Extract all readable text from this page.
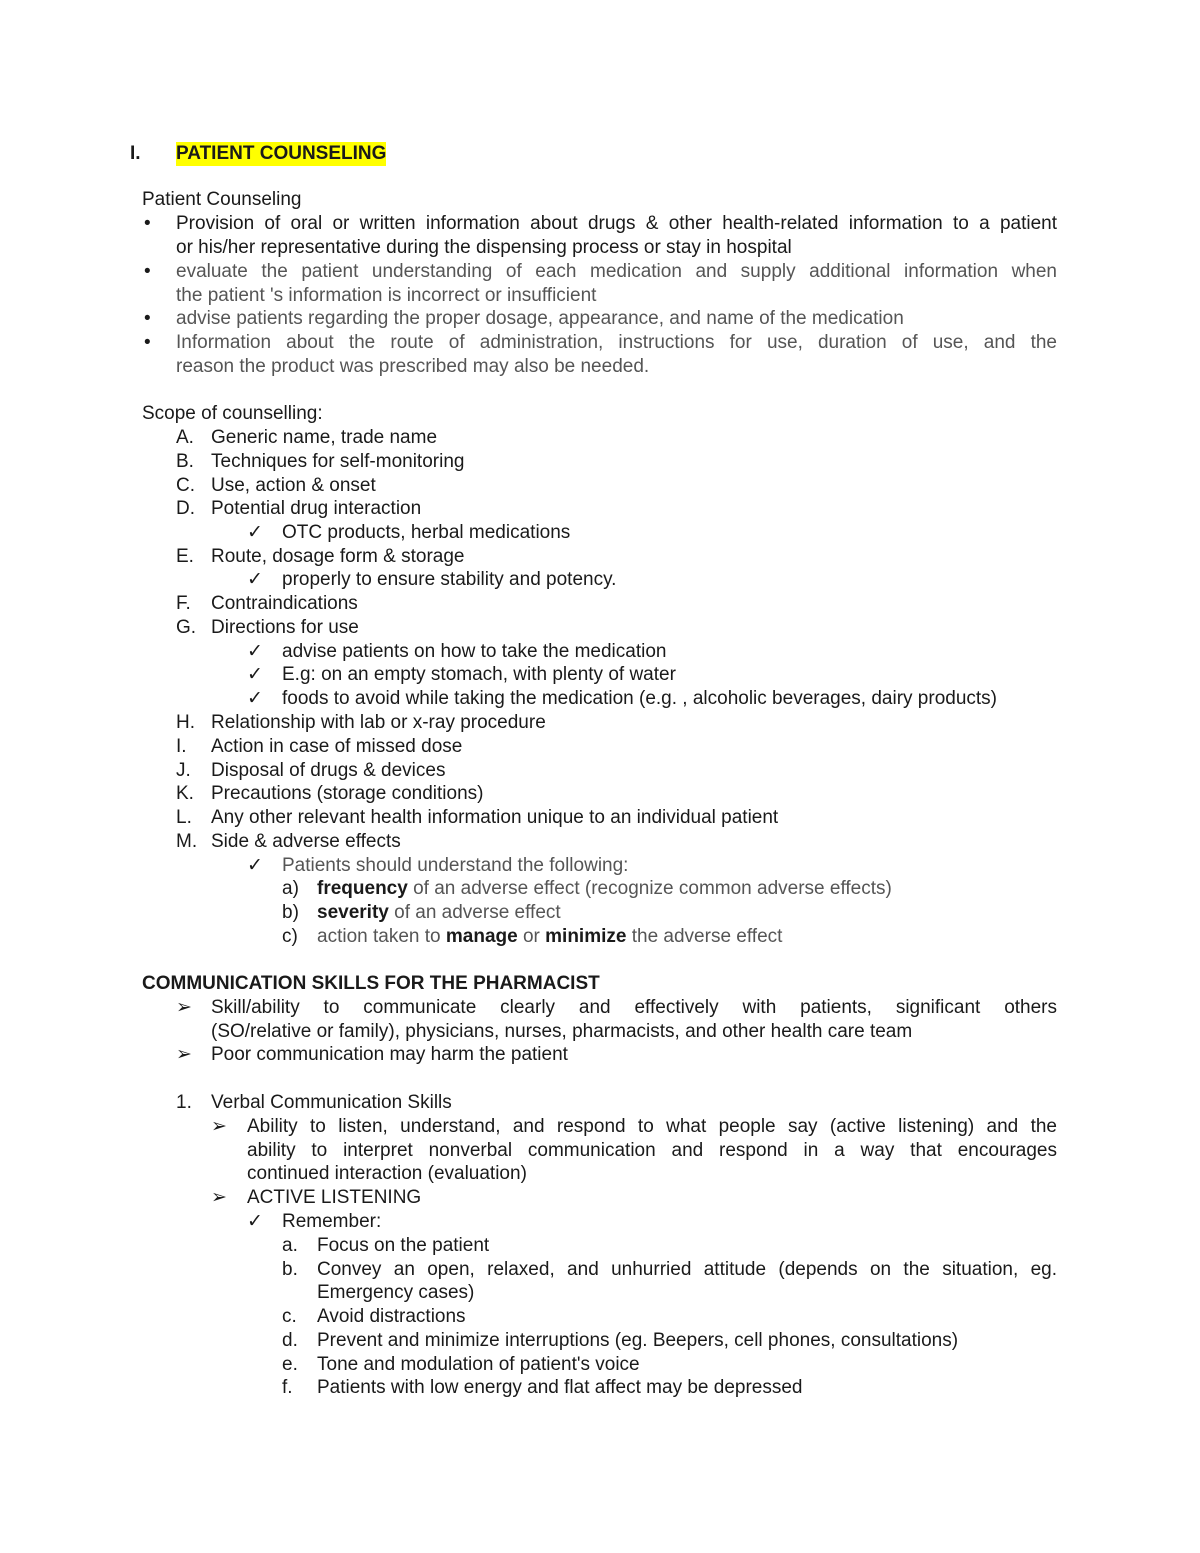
I. PATIENT COUNSELING
Patient Counseling
• Provision of oral or written information about drugs & other health-related information to a patient
or his/her representative during the dispensing process or stay in hospital
• evaluate the patient understanding of each medication and supply additional information when
the patient 's information is incorrect or insufficient
• advise patients regarding the proper dosage, appearance, and name of the medication
• Information about the route of administration, instructions for use, duration of use, and the
reason the product was prescribed may also be needed.
Scope of counselling:
A. Generic name, trade name
B. Techniques for self-monitoring
C. Use, action & onset
D. Potential drug interaction
✓ OTC products, herbal medications
E. Route, dosage form & storage
✓ properly to ensure stability and potency.
F. Contraindications
G. Directions for use
✓ advise patients on how to take the medication
✓ E.g: on an empty stomach, with plenty of water
✓ foods to avoid while taking the medication (e.g. , alcoholic beverages, dairy products)
H. Relationship with lab or x-ray procedure
I. Action in case of missed dose
J. Disposal of drugs & devices
K. Precautions (storage conditions)
L. Any other relevant health information unique to an individual patient
M. Side & adverse effects
✓ Patients should understand the following:
a) frequency of an adverse effect (recognize common adverse effects)
b) severity of an adverse effect
c) action taken to manage or minimize the adverse effect
COMMUNICATION SKILLS FOR THE PHARMACIST
➢ Skill/ability to communicate clearly and effectively with patients, significant others
(SO/relative or family), physicians, nurses, pharmacists, and other health care team
➢ Poor communication may harm the patient
1. Verbal Communication Skills
➢ Ability to listen, understand, and respond to what people say (active listening) and the
ability to interpret nonverbal communication and respond in a way that encourages
continued interaction (evaluation)
➢ ACTIVE LISTENING
✓ Remember:
a. Focus on the patient
b. Convey an open, relaxed, and unhurried attitude (depends on the situation, eg.
Emergency cases)
c. Avoid distractions
d. Prevent and minimize interruptions (eg. Beepers, cell phones, consultations)
e. Tone and modulation of patient's voice
f. Patients with low energy and flat affect may be depressed
